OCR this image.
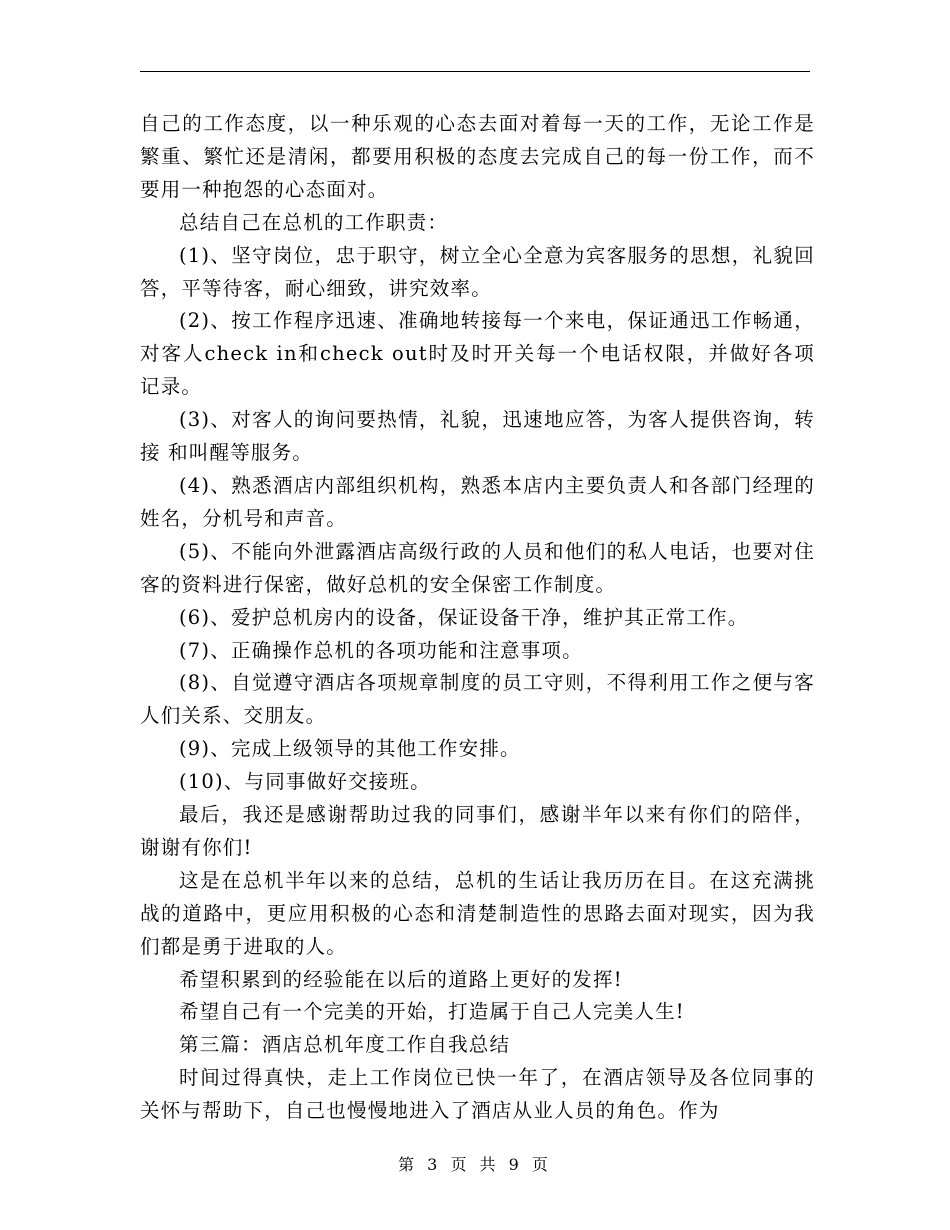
自己的工作态度，以一种乐观的心态去面对着每一天的工作，无论工作是繁重、繁忙还是清闲，都要用积极的态度去完成自己的每一份工作，而不要用一种抱怨的心态面对。

总结自己在总机的工作职责：

(1)、坚守岗位，忠于职守，树立全心全意为宾客服务的思想，礼貌回答，平等待客，耐心细致，讲究效率。

(2)、按工作程序迅速、准确地转接每一个来电，保证通迅工作畅通，对客人check in和check out时及时开关每一个电话权限，并做好各项记录。

(3)、对客人的询问要热情，礼貌，迅速地应答，为客人提供咨询，转接 和叫醒等服务。

(4)、熟悉酒店内部组织机构，熟悉本店内主要负责人和各部门经理的姓名，分机号和声音。

(5)、不能向外泄露酒店高级行政的人员和他们的私人电话，也要对住客的资料进行保密，做好总机的安全保密工作制度。

(6)、爱护总机房内的设备，保证设备干净，维护其正常工作。

(7)、正确操作总机的各项功能和注意事项。

(8)、自觉遵守酒店各项规章制度的员工守则，不得利用工作之便与客人们关系、交朋友。

(9)、完成上级领导的其他工作安排。

(10)、与同事做好交接班。

最后，我还是感谢帮助过我的同事们，感谢半年以来有你们的陪伴，谢谢有你们!

这是在总机半年以来的总结，总机的生话让我历历在目。在这充满挑战的道路中，更应用积极的心态和清楚制造性的思路去面对现实，因为我们都是勇于进取的人。

希望积累到的经验能在以后的道路上更好的发挥!

希望自己有一个完美的开始，打造属于自己人完美人生!

第三篇：酒店总机年度工作自我总结

时间过得真快，走上工作岗位已快一年了，在酒店领导及各位同事的关怀与帮助下，自己也慢慢地进入了酒店从业人员的角色。作为

第 3 页 共 9 页
